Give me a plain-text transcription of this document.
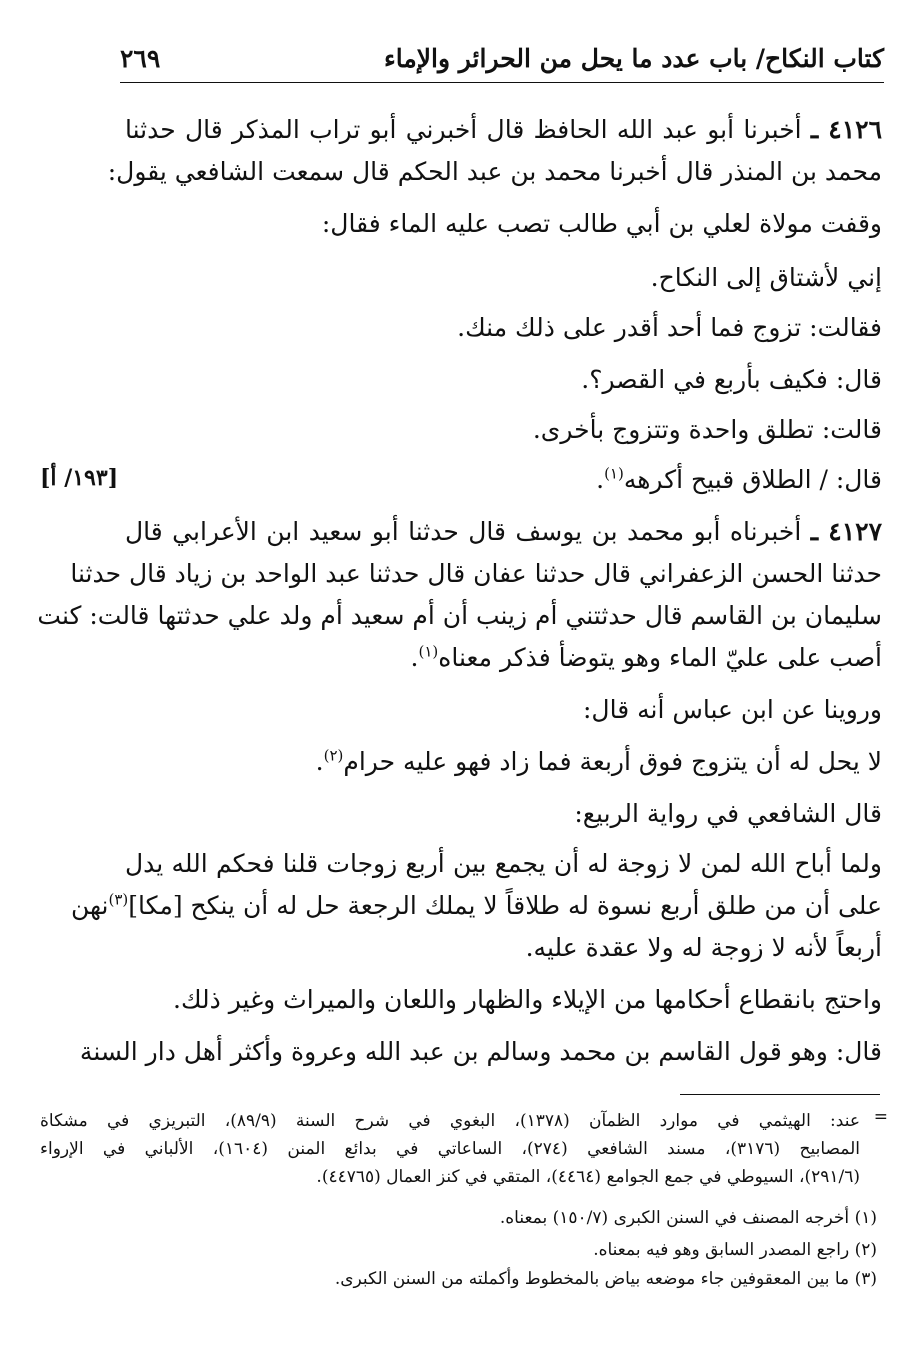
كتاب النكاح/ باب عدد ما يحل من الحرائر والإماء
٢٦٩
٤١٢٦ ـ أخبرنا أبو عبد الله الحافظ قال أخبرني أبو تراب المذكر قال حدثنا
محمد بن المنذر قال أخبرنا محمد بن عبد الحكم قال سمعت الشافعي يقول:
وقفت مولاة لعلي بن أبي طالب تصب عليه الماء فقال:
إني لأشتاق إلى النكاح.
فقالت: تزوج فما أحد أقدر على ذلك منك.
قال: فكيف بأربع في القصر؟.
قالت: تطلق واحدة وتتزوج بأخرى.
قال: / الطلاق قبيح أكرهه$^{(١)}$.
[١٩٣/ أ]
٤١٢٧ ـ أخبرناه أبو محمد بن يوسف قال حدثنا أبو سعيد ابن الأعرابي قال
حدثنا الحسن الزعفراني قال حدثنا عفان قال حدثنا عبد الواحد بن زياد قال حدثنا
سليمان بن القاسم قال حدثتني أم زينب أن أم سعيد أم ولد علي حدثتها قالت: كنت
أصب على عليّ الماء وهو يتوضأ فذكر معناه$^{(١)}$.
وروينا عن ابن عباس أنه قال:
لا يحل له أن يتزوج فوق أربعة فما زاد فهو عليه حرام$^{(٢)}$.
قال الشافعي في رواية الربيع:
ولما أباح الله لمن لا زوجة له أن يجمع بين أربع زوجات قلنا فحكم الله يدل
على أن من طلق أربع نسوة له طلاقاً لا يملك الرجعة حل له أن ينكح [مكا]$^{(٣)}$نهن
أربعاً لأنه لا زوجة له ولا عقدة عليه.
واحتج بانقطاع أحكامها من الإيلاء والظهار واللعان والميراث وغير ذلك.
قال: وهو قول القاسم بن محمد وسالم بن عبد الله وعروة وأكثر أهل دار السنة
=
عند: الهيثمي في موارد الظمآن (١٣٧٨)، البغوي في شرح السنة (٨٩/٩)، التبريزي في مشكاة
المصابيح (٣١٧٦)، مسند الشافعي (٢٧٤)، الساعاتي في بدائع المنن (١٦٠٤)، الألباني في الإرواء
(٢٩١/٦)، السيوطي في جمع الجوامع (٤٤٦٤)، المتقي في كنز العمال (٤٤٧٦٥).
(١) أخرجه المصنف في السنن الكبرى (١٥٠/٧) بمعناه.
(٢) راجع المصدر السابق وهو فيه بمعناه.
(٣) ما بين المعقوفين جاء موضعه بياض بالمخطوط وأكملته من السنن الكبرى.
